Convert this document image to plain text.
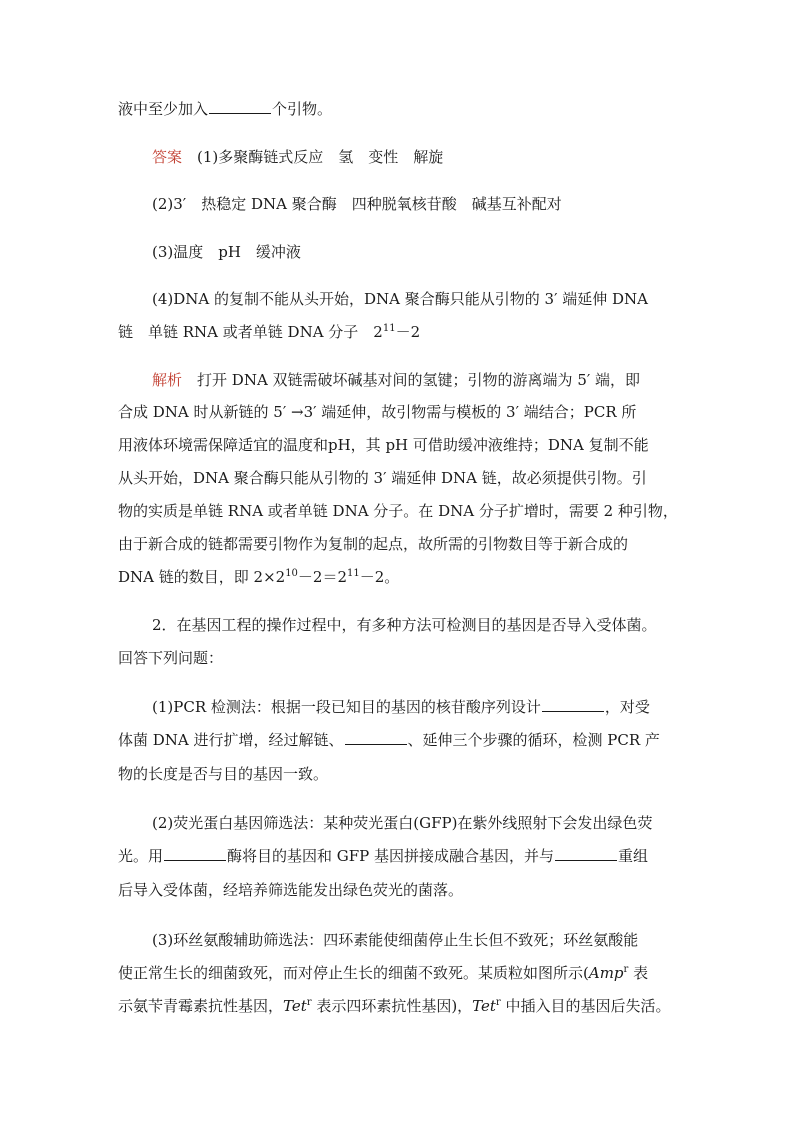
液中至少加入	个引物。
答案　 (1)多聚酶链式反应　氢　变性　解旋
(2)3′　热稳定 DNA 聚合酶　四种脱氧核苷酸　碱基互补配对
(3)温度　pH　缓冲液
(4)DNA 的复制不能从头开始，DNA 聚合酶只能从引物的 3′ 端延伸 DNA
链　单链 RNA 或者单链 DNA 分子　$2^{11}-2$
解析　 打开 DNA 双链需破坏碱基对间的氢键；引物的游离端为 5′ 端，即
合成 DNA 时从新链的 5′ →3′ 端延伸，故引物需与模板的 3′ 端结合；PCR 所
用液体环境需保障适宜的温度和pH，其 pH 可借助缓冲液维持；DNA 复制不能
从头开始，DNA 聚合酶只能从引物的 3′ 端延伸 DNA 链，故必须提供引物。引
物的实质是单链 RNA 或者单链 DNA 分子。在 DNA 分子扩增时，需要 2 种引物，
由于新合成的链都需要引物作为复制的起点，故所需的引物数目等于新合成的
DNA 链的数目，即 $2\times 2^{10}-2=2^{11}-2$。
2．在基因工程的操作过程中，有多种方法可检测目的基因是否导入受体菌。
回答下列问题：
(1)PCR 检测法：根据一段已知目的基因的核苷酸序列设计	，对受
体菌 DNA 进行扩增，经过解链、	、延伸三个步骤的循环，检测 PCR 产
物的长度是否与目的基因一致。
(2)荧光蛋白基因筛选法：某种荧光蛋白(GFP)在紫外线照射下会发出绿色荧
光。用	酶将目的基因和 GFP 基因拼接成融合基因，并与	重组
后导入受体菌，经培养筛选能发出绿色荧光的菌落。
(3)环丝氨酸辅助筛选法：四环素能使细菌停止生长但不致死；环丝氨酸能
使正常生长的细菌致死，而对停止生长的细菌不致死。某质粒如图所示(Amp$^r$ 表
示氨苄青霉素抗性基因，Tet$^r$ 表示四环素抗性基因)，Tet$^r$ 中插入目的基因后失活。
